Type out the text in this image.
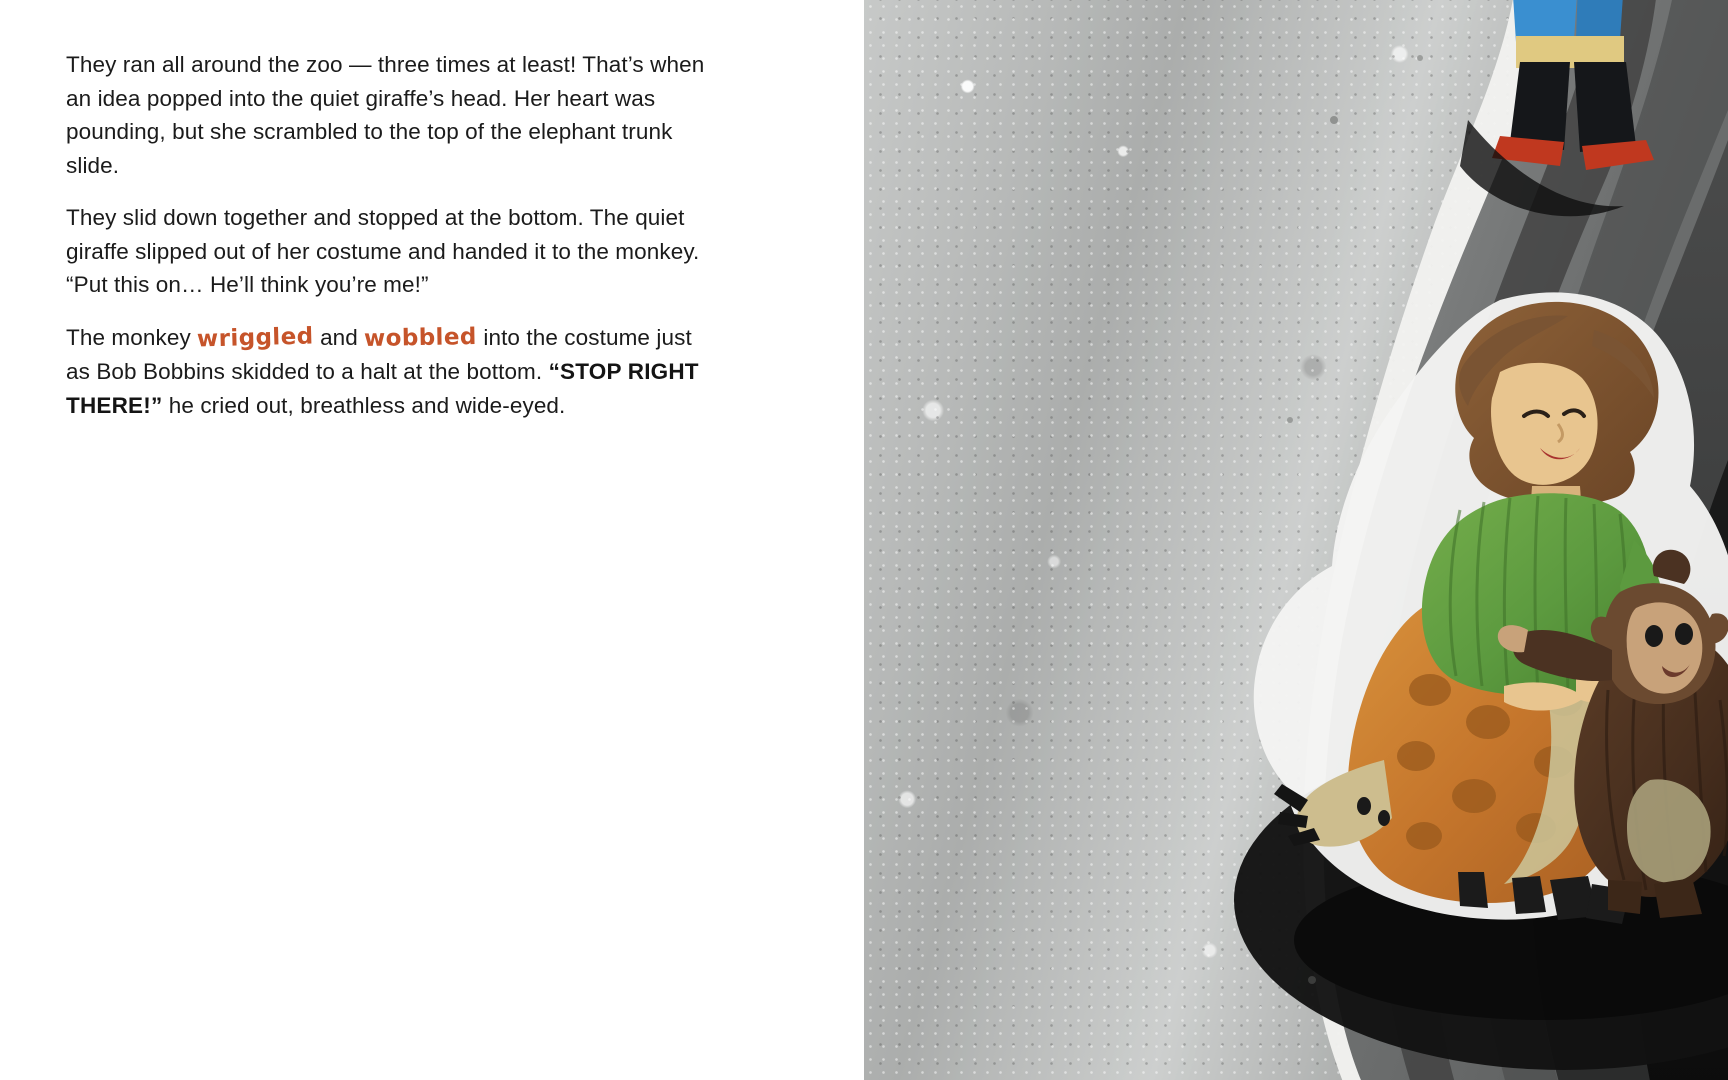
They ran all around the zoo — three times at least! That’s when an idea popped into the quiet giraffe’s head. Her heart was pounding, but she scrambled to the top of the elephant trunk slide.

They slid down together and stopped at the bottom. The quiet giraffe slipped out of her costume and handed it to the monkey. “Put this on… He’ll think you’re me!”

The monkey wriggled and wobbled into the costume just as Bob Bobbins skidded to a halt at the bottom. “STOP RIGHT THERE!” he cried out, breathless and wide-eyed.
